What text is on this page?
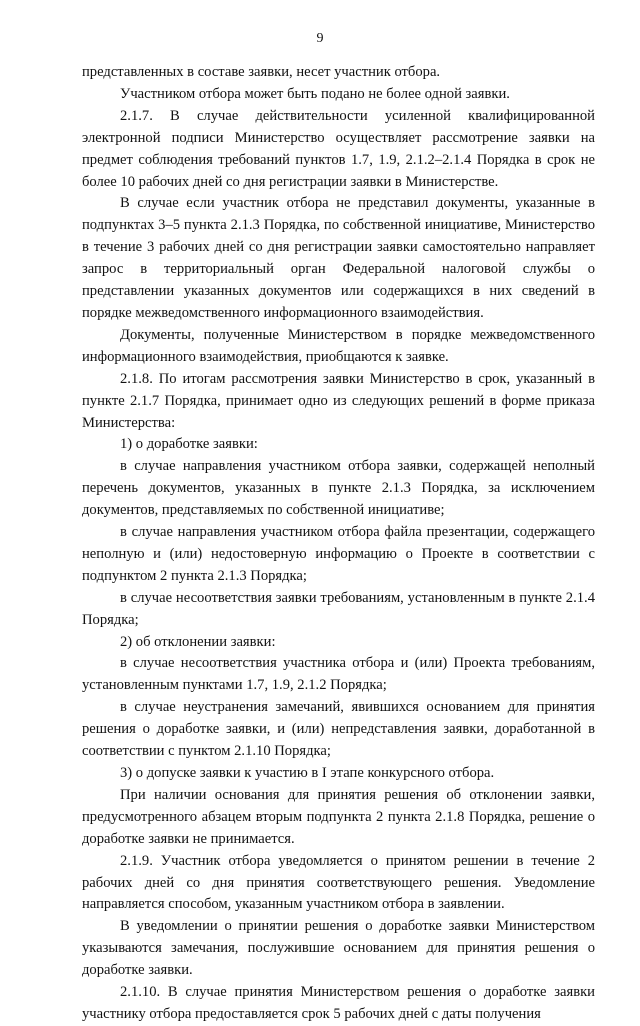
9

представленных в составе заявки, несет участник отбора.

Участником отбора может быть подано не более одной заявки.

2.1.7. В случае действительности усиленной квалифицированной электронной подписи Министерство осуществляет рассмотрение заявки на предмет соблюдения требований пунктов 1.7, 1.9, 2.1.2–2.1.4 Порядка в срок не более 10 рабочих дней со дня регистрации заявки в Министерстве.

В случае если участник отбора не представил документы, указанные в подпунктах 3–5 пункта 2.1.3 Порядка, по собственной инициативе, Министерство в течение 3 рабочих дней со дня регистрации заявки самостоятельно направляет запрос в территориальный орган Федеральной налоговой службы о представлении указанных документов или содержащихся в них сведений в порядке межведомственного информационного взаимодействия.

Документы, полученные Министерством в порядке межведомственного информационного взаимодействия, приобщаются к заявке.

2.1.8. По итогам рассмотрения заявки Министерство в срок, указанный в пункте 2.1.7 Порядка, принимает одно из следующих решений в форме приказа Министерства:

1) о доработке заявки:

в случае направления участником отбора заявки, содержащей неполный перечень документов, указанных в пункте 2.1.3 Порядка, за исключением документов, представляемых по собственной инициативе;

в случае направления участником отбора файла презентации, содержащего неполную и (или) недостоверную информацию о Проекте в соответствии с подпунктом 2 пункта 2.1.3 Порядка;

в случае несоответствия заявки требованиям, установленным в пункте 2.1.4 Порядка;

2) об отклонении заявки:

в случае несоответствия участника отбора и (или) Проекта требованиям, установленным пунктами 1.7, 1.9, 2.1.2 Порядка;

в случае неустранения замечаний, явившихся основанием для принятия решения о доработке заявки, и (или) непредставления заявки, доработанной в соответствии с пунктом 2.1.10 Порядка;

3) о допуске заявки к участию в I этапе конкурсного отбора.

При наличии основания для принятия решения об отклонении заявки, предусмотренного абзацем вторым подпункта 2 пункта 2.1.8 Порядка, решение о доработке заявки не принимается.

2.1.9. Участник отбора уведомляется о принятом решении в течение 2 рабочих дней со дня принятия соответствующего решения. Уведомление направляется способом, указанным участником отбора в заявлении.

В уведомлении о принятии решения о доработке заявки Министерством указываются замечания, послужившие основанием для принятия решения о доработке заявки.

2.1.10. В случае принятия Министерством решения о доработке заявки участнику отбора предоставляется срок 5 рабочих дней с даты получения
